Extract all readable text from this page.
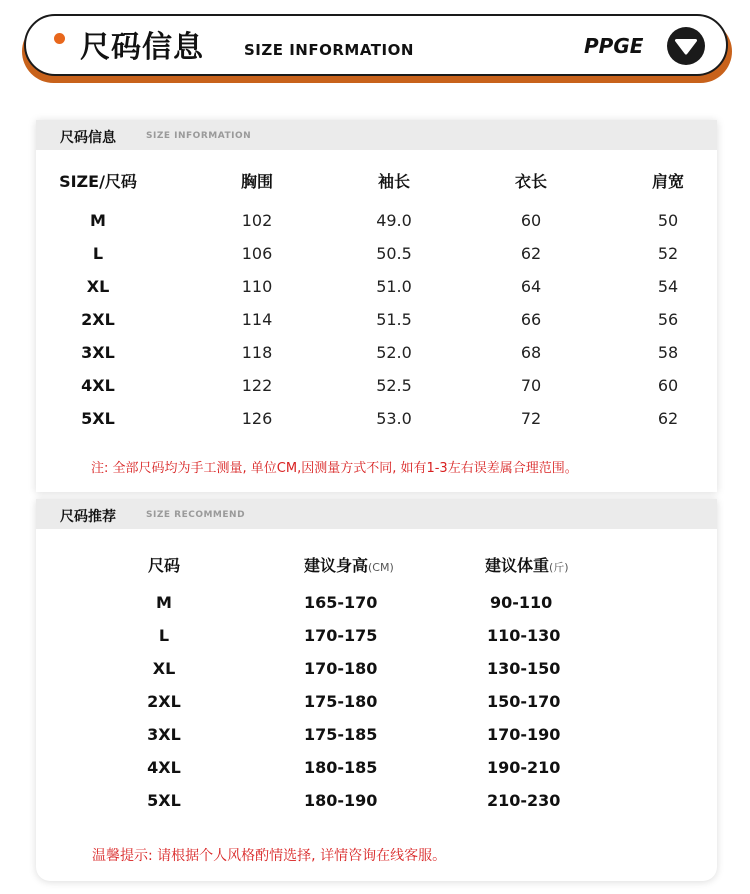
尺码信息	SIZE INFORMATION	PPGE
尺码信息	SIZE INFORMATION
SIZE/尺码	胸围	袖长	衣长	肩宽
M	102	49.0	60	50
L	106	50.5	62	52
XL	110	51.0	64	54
2XL	114	51.5	66	56
3XL	118	52.0	68	58
4XL	122	52.5	70	60
5XL	126	53.0	72	62
注: 全部尺码均为手工测量, 单位CM,因测量方式不同, 如有1-3左右误差属合理范围。
尺码推荐	SIZE RECOMMEND
尺码	建议身高(CM)	建议体重(斤)
M	165-170	90-110
L	170-175	110-130
XL	170-180	130-150
2XL	175-180	150-170
3XL	175-185	170-190
4XL	180-185	190-210
5XL	180-190	210-230
温馨提示: 请根据个人风格酌情选择, 详情咨询在线客服。
